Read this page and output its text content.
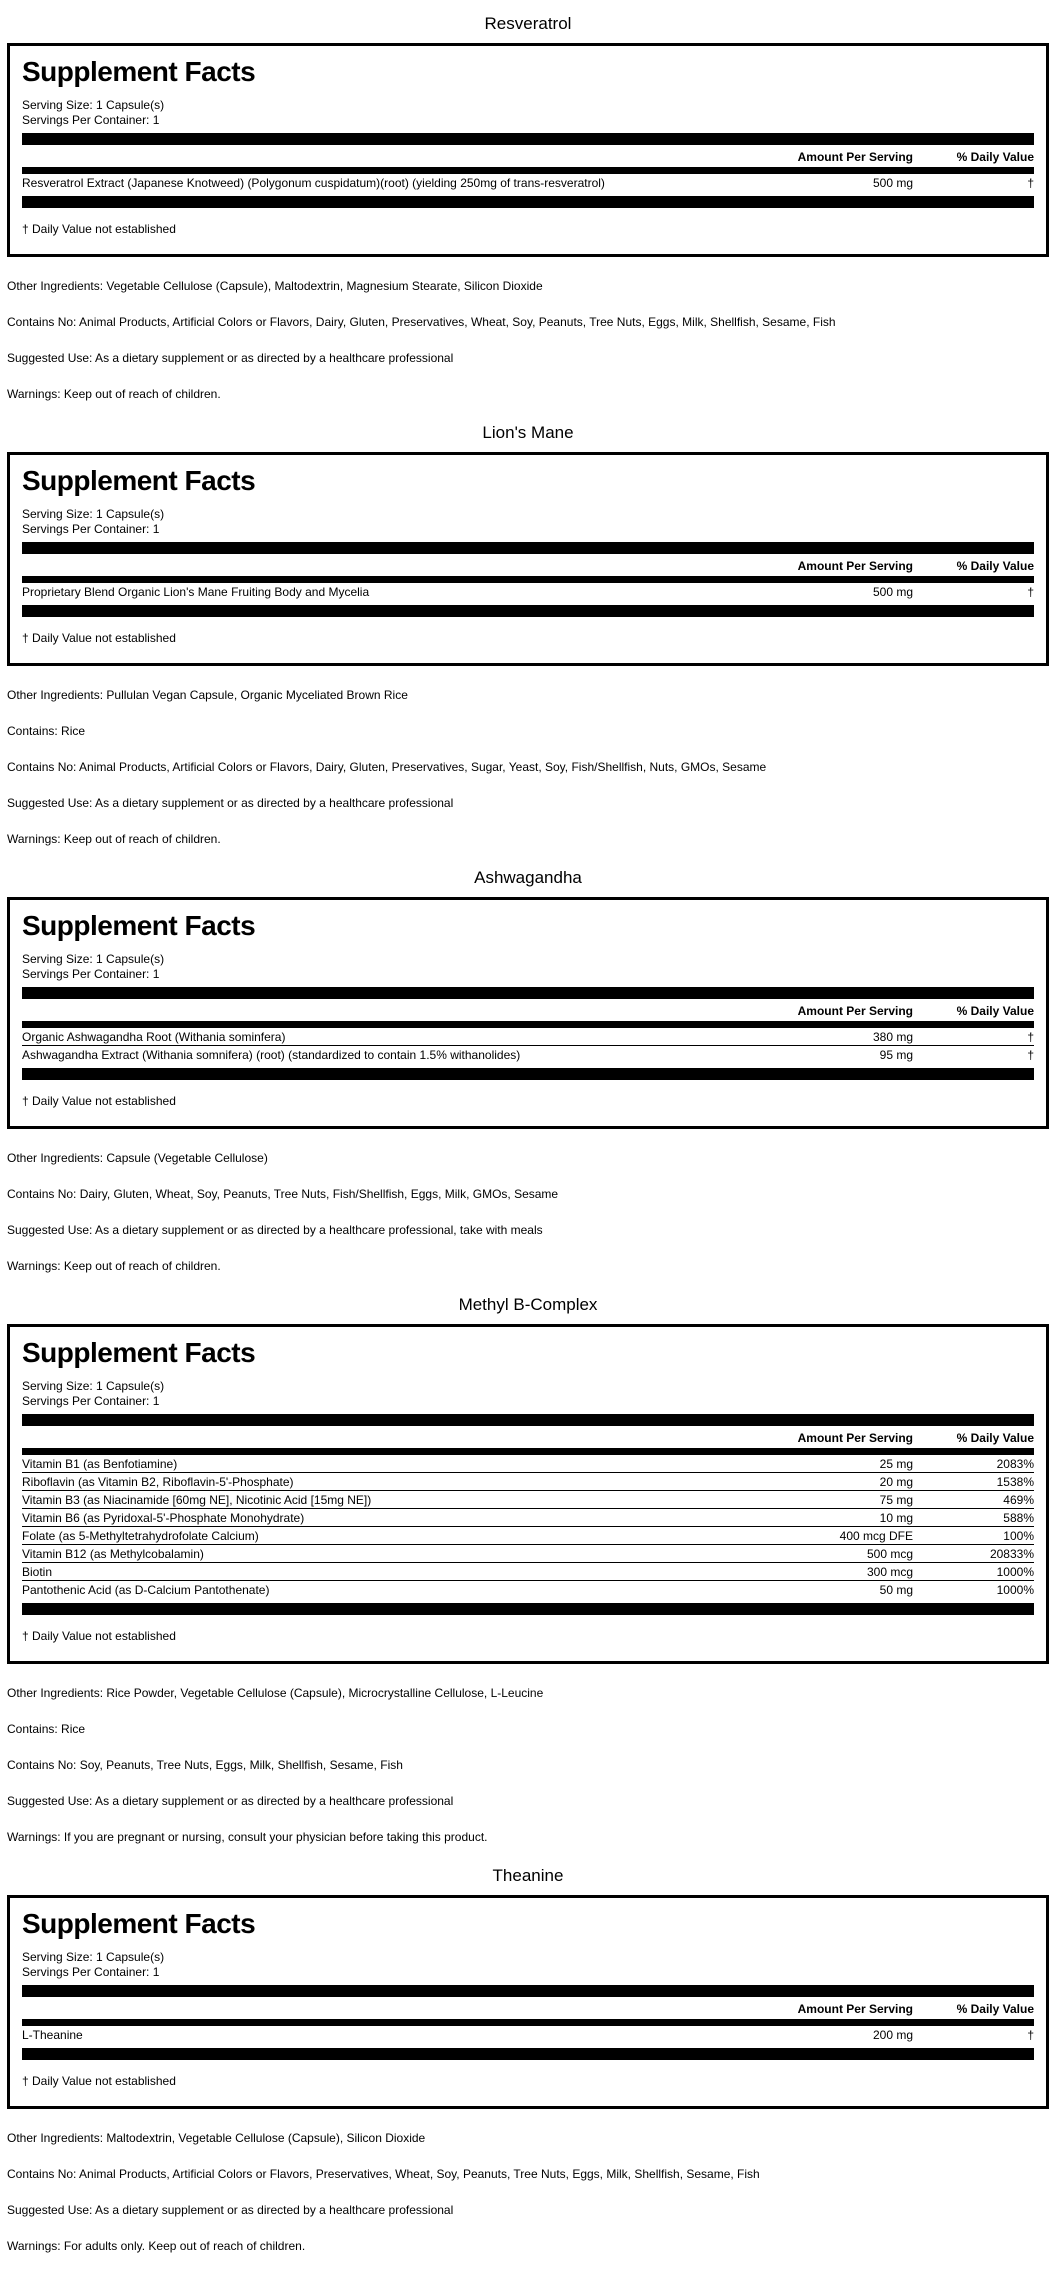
Resveratrol
Supplement Facts
Serving Size: 1 Capsule(s)
Servings Per Container: 1
Amount Per Serving	% Daily Value
Resveratrol Extract (Japanese Knotweed) (Polygonum cuspidatum)(root) (yielding 250mg of trans-resveratrol)	500 mg	†
† Daily Value not established

Other Ingredients: Vegetable Cellulose (Capsule), Maltodextrin, Magnesium Stearate, Silicon Dioxide

Contains No: Animal Products, Artificial Colors or Flavors, Dairy, Gluten, Preservatives, Wheat, Soy, Peanuts, Tree Nuts, Eggs, Milk, Shellfish, Sesame, Fish

Suggested Use: As a dietary supplement or as directed by a healthcare professional

Warnings: Keep out of reach of children.

Lion's Mane
Supplement Facts
Serving Size: 1 Capsule(s)
Servings Per Container: 1
Amount Per Serving	% Daily Value
Proprietary Blend Organic Lion's Mane Fruiting Body and Mycelia	500 mg	†
† Daily Value not established

Other Ingredients: Pullulan Vegan Capsule, Organic Myceliated Brown Rice

Contains: Rice

Contains No: Animal Products, Artificial Colors or Flavors, Dairy, Gluten, Preservatives, Sugar, Yeast, Soy, Fish/Shellfish, Nuts, GMOs, Sesame

Suggested Use: As a dietary supplement or as directed by a healthcare professional

Warnings: Keep out of reach of children.

Ashwagandha
Supplement Facts
Serving Size: 1 Capsule(s)
Servings Per Container: 1
Amount Per Serving	% Daily Value
Organic Ashwagandha Root (Withania sominfera)	380 mg	†
Ashwagandha Extract (Withania somnifera) (root) (standardized to contain 1.5% withanolides)	95 mg	†
† Daily Value not established

Other Ingredients: Capsule (Vegetable Cellulose)

Contains No: Dairy, Gluten, Wheat, Soy, Peanuts, Tree Nuts, Fish/Shellfish, Eggs, Milk, GMOs, Sesame

Suggested Use: As a dietary supplement or as directed by a healthcare professional, take with meals

Warnings: Keep out of reach of children.

Methyl B-Complex
Supplement Facts
Serving Size: 1 Capsule(s)
Servings Per Container: 1
Amount Per Serving	% Daily Value
Vitamin B1 (as Benfotiamine)	25 mg	2083%
Riboflavin (as Vitamin B2, Riboflavin-5'-Phosphate)	20 mg	1538%
Vitamin B3 (as Niacinamide [60mg NE], Nicotinic Acid [15mg NE])	75 mg	469%
Vitamin B6 (as Pyridoxal-5'-Phosphate Monohydrate)	10 mg	588%
Folate (as 5-Methyltetrahydrofolate Calcium)	400 mcg DFE	100%
Vitamin B12 (as Methylcobalamin)	500 mcg	20833%
Biotin	300 mcg	1000%
Pantothenic Acid (as D-Calcium Pantothenate)	50 mg	1000%
† Daily Value not established

Other Ingredients: Rice Powder, Vegetable Cellulose (Capsule), Microcrystalline Cellulose, L-Leucine

Contains: Rice

Contains No: Soy, Peanuts, Tree Nuts, Eggs, Milk, Shellfish, Sesame, Fish

Suggested Use: As a dietary supplement or as directed by a healthcare professional

Warnings: If you are pregnant or nursing, consult your physician before taking this product.

Theanine
Supplement Facts
Serving Size: 1 Capsule(s)
Servings Per Container: 1
Amount Per Serving	% Daily Value
L-Theanine	200 mg	†
† Daily Value not established

Other Ingredients: Maltodextrin, Vegetable Cellulose (Capsule), Silicon Dioxide

Contains No: Animal Products, Artificial Colors or Flavors, Preservatives, Wheat, Soy, Peanuts, Tree Nuts, Eggs, Milk, Shellfish, Sesame, Fish

Suggested Use: As a dietary supplement or as directed by a healthcare professional

Warnings: For adults only. Keep out of reach of children.
